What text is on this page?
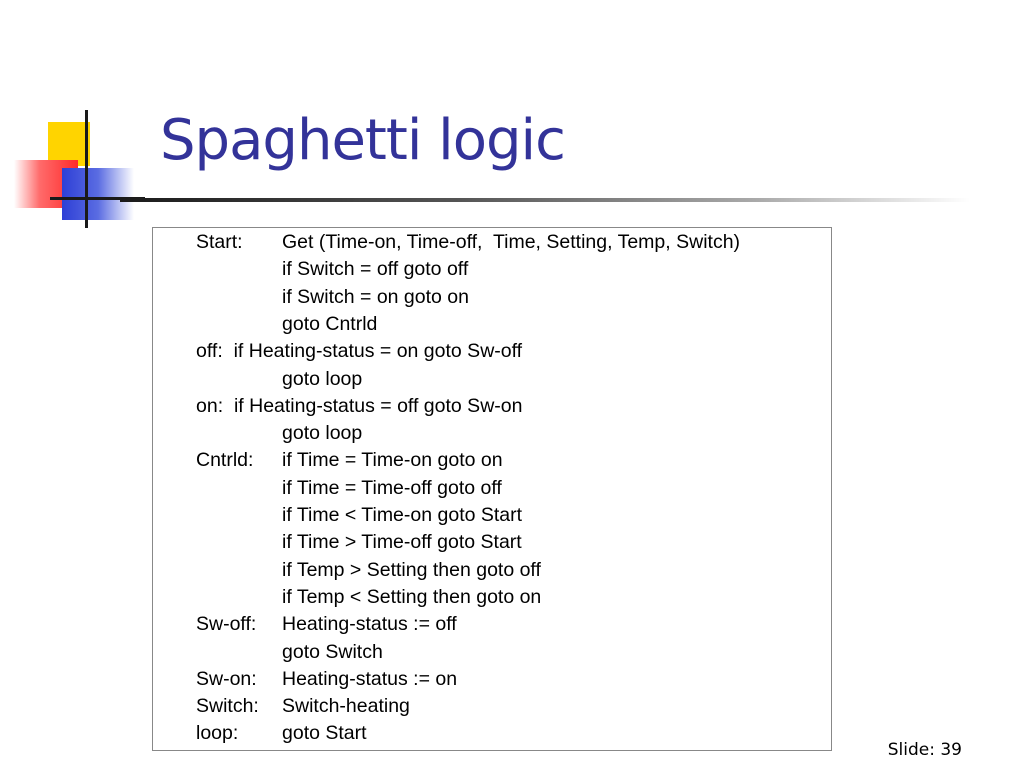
Spaghetti logic
Start: Get (Time-on, Time-off,  Time, Setting, Temp, Switch)
if Switch = off goto off
if Switch = on goto on
goto Cntrld
off:  if Heating-status = on goto Sw-off
goto loop
on:  if Heating-status = off goto Sw-on
goto loop
Cntrld: if Time = Time-on goto on
if Time = Time-off goto off
if Time < Time-on goto Start
if Time > Time-off goto Start
if Temp > Setting then goto off
if Temp < Setting then goto on
Sw-off: Heating-status := off
goto Switch
Sw-on: Heating-status := on
Switch: Switch-heating
loop: goto Start
Slide: 39
